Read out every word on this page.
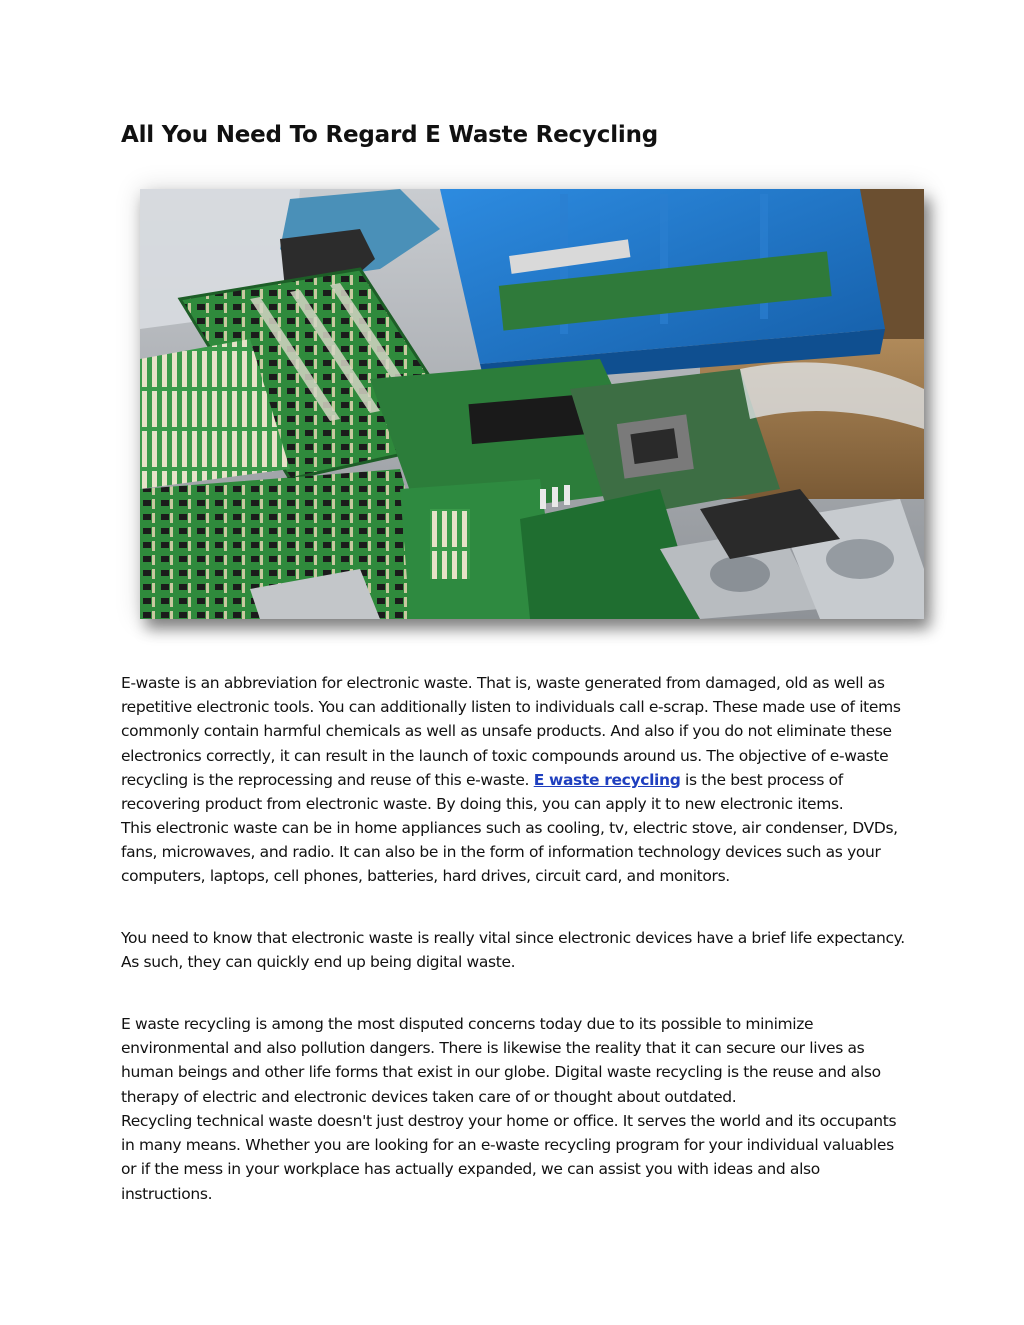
All You Need To Regard E Waste Recycling

E-waste is an abbreviation for electronic waste. That is, waste generated from damaged, old as well as repetitive electronic tools. You can additionally listen to individuals call e-scrap. These made use of items commonly contain harmful chemicals as well as unsafe products. And also if you do not eliminate these electronics correctly, it can result in the launch of toxic compounds around us. The objective of e-waste recycling is the reprocessing and reuse of this e-waste. E waste recycling is the best process of recovering product from electronic waste. By doing this, you can apply it to new electronic items.

This electronic waste can be in home appliances such as cooling, tv, electric stove, air condenser, DVDs, fans, microwaves, and radio. It can also be in the form of information technology devices such as your computers, laptops, cell phones, batteries, hard drives, circuit card, and monitors.

You need to know that electronic waste is really vital since electronic devices have a brief life expectancy. As such, they can quickly end up being digital waste.

E waste recycling is among the most disputed concerns today due to its possible to minimize environmental and also pollution dangers. There is likewise the reality that it can secure our lives as human beings and other life forms that exist in our globe. Digital waste recycling is the reuse and also therapy of electric and electronic devices taken care of or thought about outdated.

Recycling technical waste doesn't just destroy your home or office. It serves the world and its occupants in many means. Whether you are looking for an e-waste recycling program for your individual valuables or if the mess in your workplace has actually expanded, we can assist you with ideas and also instructions.
